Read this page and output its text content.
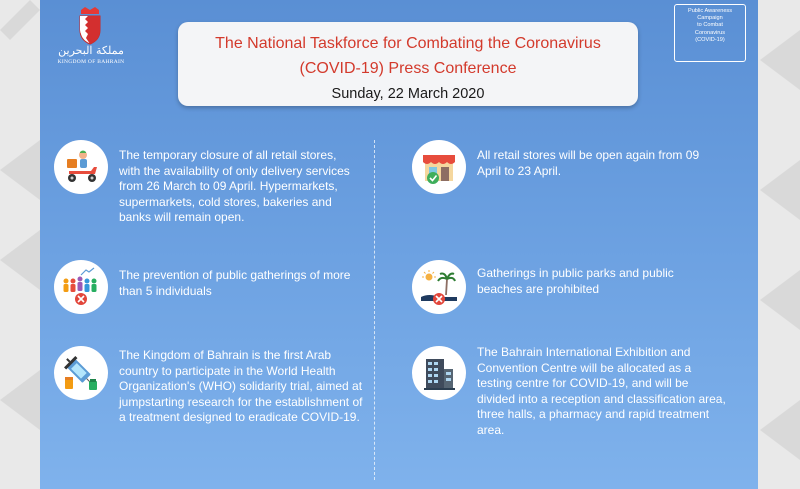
مملكة البحرين
KINGDOM OF BAHRAIN
Public Awareness
Campaign
to Combat
Coronavirus
(COVID-19)
The National Taskforce for Combating the Coronavirus
(COVID-19) Press Conference
Sunday, 22 March 2020

The temporary closure of all retail stores, with the availability of only delivery services from 26 March to 09 April. Hypermarkets, supermarkets, cold stores, bakeries and banks will remain open.

All retail stores will be open again from 09 April to 23 April.

The prevention of public gatherings of more than 5 individuals

Gatherings in public parks and public beaches are prohibited

The Kingdom of Bahrain is the first Arab country to participate in the World Health Organization's (WHO) solidarity trial, aimed at jumpstarting research for the establishment of a treatment designed to eradicate COVID-19.

The Bahrain International Exhibition and Convention Centre will be allocated as a testing centre for COVID-19, and will be divided into a reception and classification area, three halls, a pharmacy and rapid treatment area.
